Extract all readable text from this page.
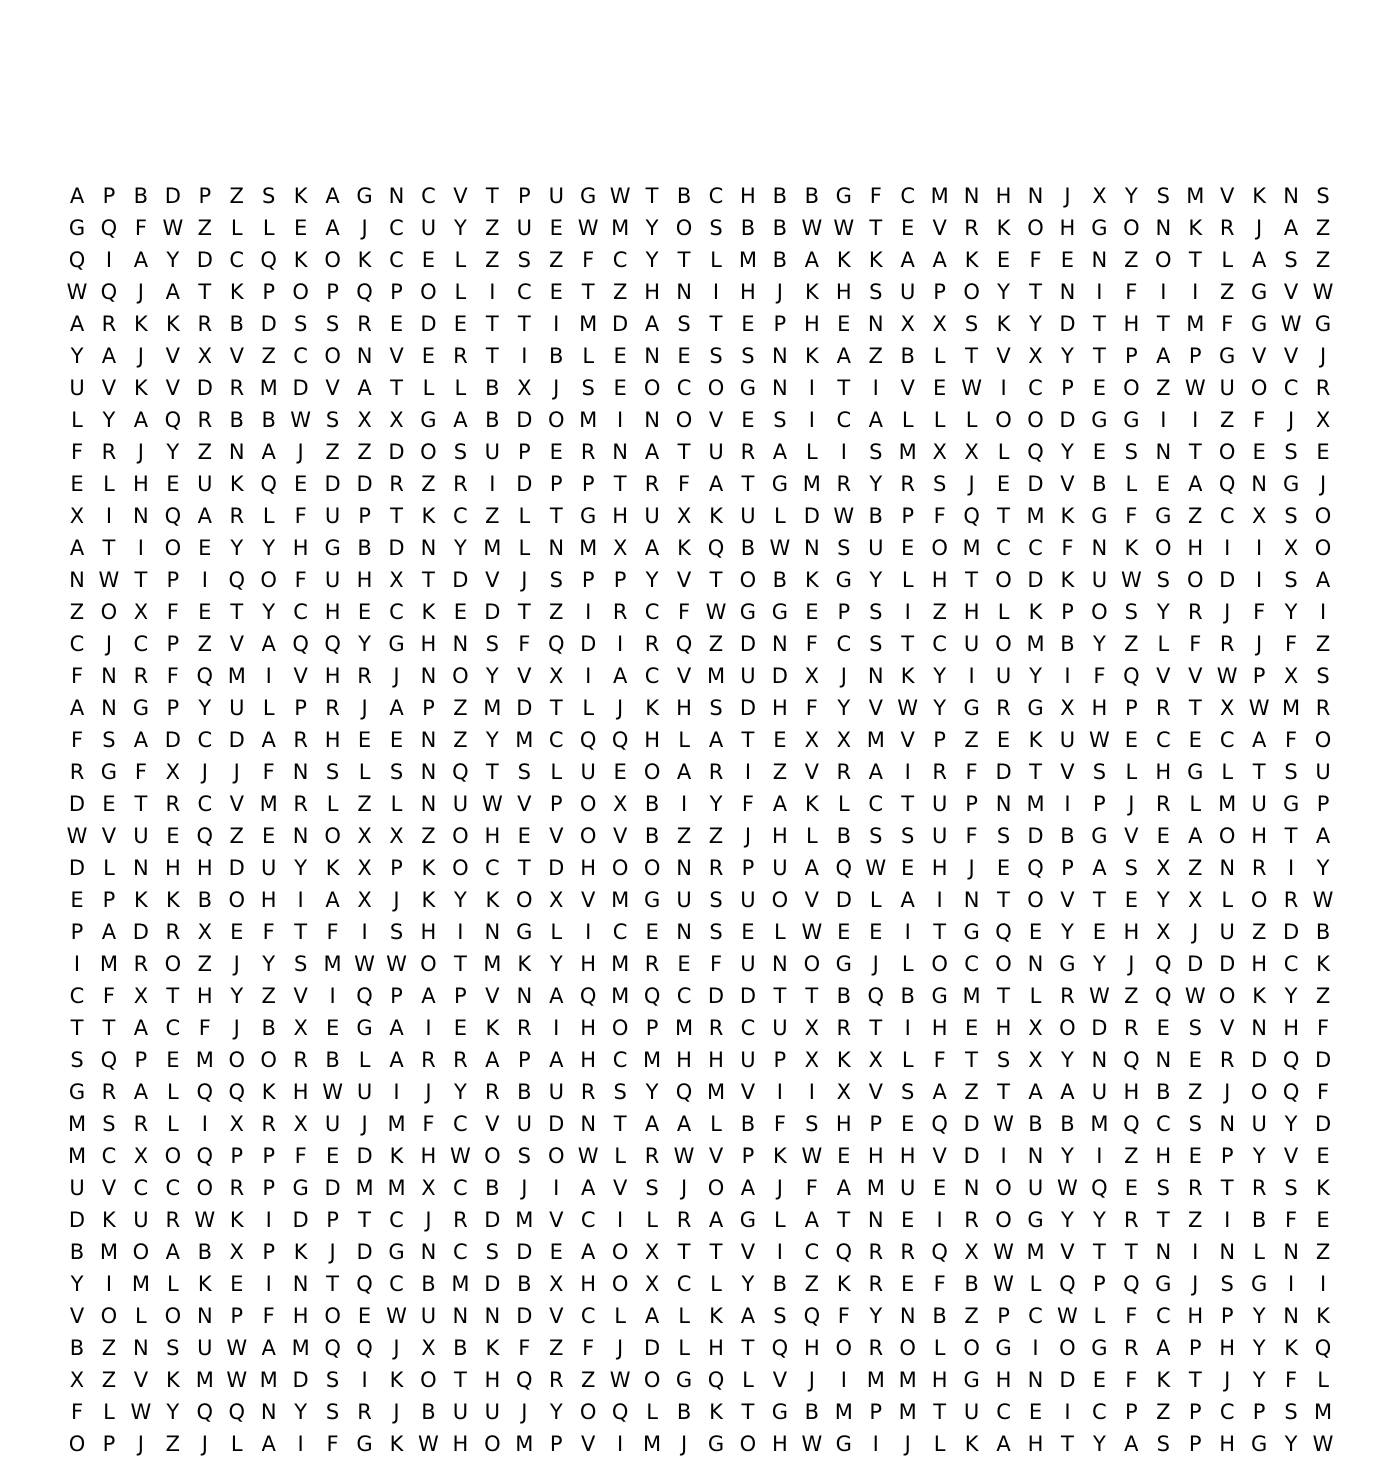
A P B D P Z S K A G N C V T P U G W T B C H B B G F C M N H N J	X Y S M V K N S
G Q F W Z L L E A	J	C U Y Z U E W M Y O S B B W W T E V R K O H G O N K R	J	A Z
Q I	A Y D C Q K O K C E L Z S Z F C Y T L M B A K K A A K E F E N Z O T L A S Z
W Q J	A T K P O P Q P O L	I	C E T Z H N I H J	K H S U P O Y T N I	F	I	I	Z G V W
A R K K R B D S S R E D E T T	I M D A S T E P H E N X X S K Y D T H T M F G W G
Y A	J	V X V Z C O N V E R T	I	B L E N E S S N K A Z B L T V X Y T P A P G V V	J
U V K V D R M D V A T L L B X	J	S E O C O G N I	T	I	V E W I	C P E O Z W U O C R
L Y A Q R B B W S X X G A B D O M I	N O V E S	I	C A L L L O O D G G I	I	Z F	J	X
F R	J	Y Z N A	J	Z Z D O S U P E R N A T U R A L	I	S M X X L Q Y E S N T O E S E
E L H E U K Q E D D R Z R	I D P P T R F A T G M R Y R S	J	E D V B L E A Q N G J
X	I	N Q A R L F U P T K C Z L T G H U X K U L D W B P F Q T M K G F G Z C X S O
A T	I O E Y Y H G B D N Y M L N M X A K Q B W N S U E O M C C F N K O H I	I	X O
N W T P	I Q O F U H X T D V	J	S P P Y V T O B K G Y L H T O D K U W S O D I	S A
Z O X F E T Y C H E C K E D T Z	I	R C F W G G E P S	I	Z H L K P O S Y R	J	F Y	I
C	J	C P Z V A Q Q Y G H N S F Q D I	R Q Z D N F C S T C U O M B Y Z L F R	J	F Z
F N R F Q M I	V H R	J N O Y V X	I	A C V M U D X	J	N K Y	I	U Y	I	F Q V V W P X S
A N G P Y U L P R	J	A P Z M D T L	J	K H S D H F Y V W Y G R G X H P R T X W M R
F S A D C D A R H E E N Z Y M C Q Q H L A T E X X M V P Z E K U W E C E C A F O
R G F X	J	J	F N S L S N Q T S L U E O A R	I	Z V R A	I	R F D T V S L H G L T S U
D E T R C V M R L Z L N U W V P O X B	I	Y F A K L C T U P N M I	P	J	R L M U G P
W V U E Q Z E N O X X Z O H E V O V B Z Z	J H L B S S U F S D B G V E A O H T A
D L N H H D U Y K X P K O C T D H O O N R P U A Q W E H J	E Q P A S X Z N R	I	Y
E P K K B O H I	A X	J	K Y K O X V M G U S U O V D L A	I	N T O V T E Y X L O R W
P A D R X E F T F	I	S H I	N G L	I	C E N S E L W E E	I	T G Q E Y E H X	J	U Z D B
I M R O Z	J	Y S M W W O T M K Y H M R E F U N O G J	L O C O N G Y	J Q D D H C K
C F X T H Y Z V	I Q P A P V N A Q M Q C D D T T B Q B G M T L R W Z Q W O K Y Z
T T A C F	J	B X E G A	I	E K R	I H O P M R C U X R T	I H E H X O D R E S V N H F
S Q P E M O O R B L A R R A P A H C M H H U P X K X L F T S X Y N Q N E R D Q D
G R A L Q Q K H W U	I	J	Y R B U R S Y Q M V	I	I	X V S A Z T A A U H B Z	J O Q F
M S R L	I	X R X U	J M F C V U D N T A A L B F S H P E Q D W B B M Q C S N U Y D
M C X O Q P P F E D K H W O S O W L R W V P K W E H H V D I	N Y	I	Z H E P Y V E
U V C C O R P G D M M X C B	J	I	A V S	J O A	J	F A M U E N O U W Q E S R T R S K
D K U R W K	I D P T C	J	R D M V C	I	L R A G L A T N E	I	R O G Y Y R T Z	I	B F E
B M O A B X P K	J D G N C S D E A O X T T V	I	C Q R R Q X W M V T T N I N L N Z
Y	I M L K E	I	N T Q C B M D B X H O X C L Y B Z K R E F B W L Q P Q G J	S G I	I
V O L O N P F H O E W U N N D V C L A L K A S Q F Y N B Z P C W L F C H P Y N K
B Z N S U W A M Q Q J	X B K F Z F	J D L H T Q H O R O L O G I O G R A P H Y K Q
X Z V K M W M D S	I	K O T H Q R Z W O G Q L V	J	I M M H G H N D E F K T	J	Y F L
F L W Y Q Q N Y S R	J	B U U	J	Y O Q L B K T G B M P M T U C E	I	C P Z P C P S M
O P	J	Z	J	L A	I	F G K W H O M P V	I M J G O H W G I	J	L K A H T Y A S P H G Y W
